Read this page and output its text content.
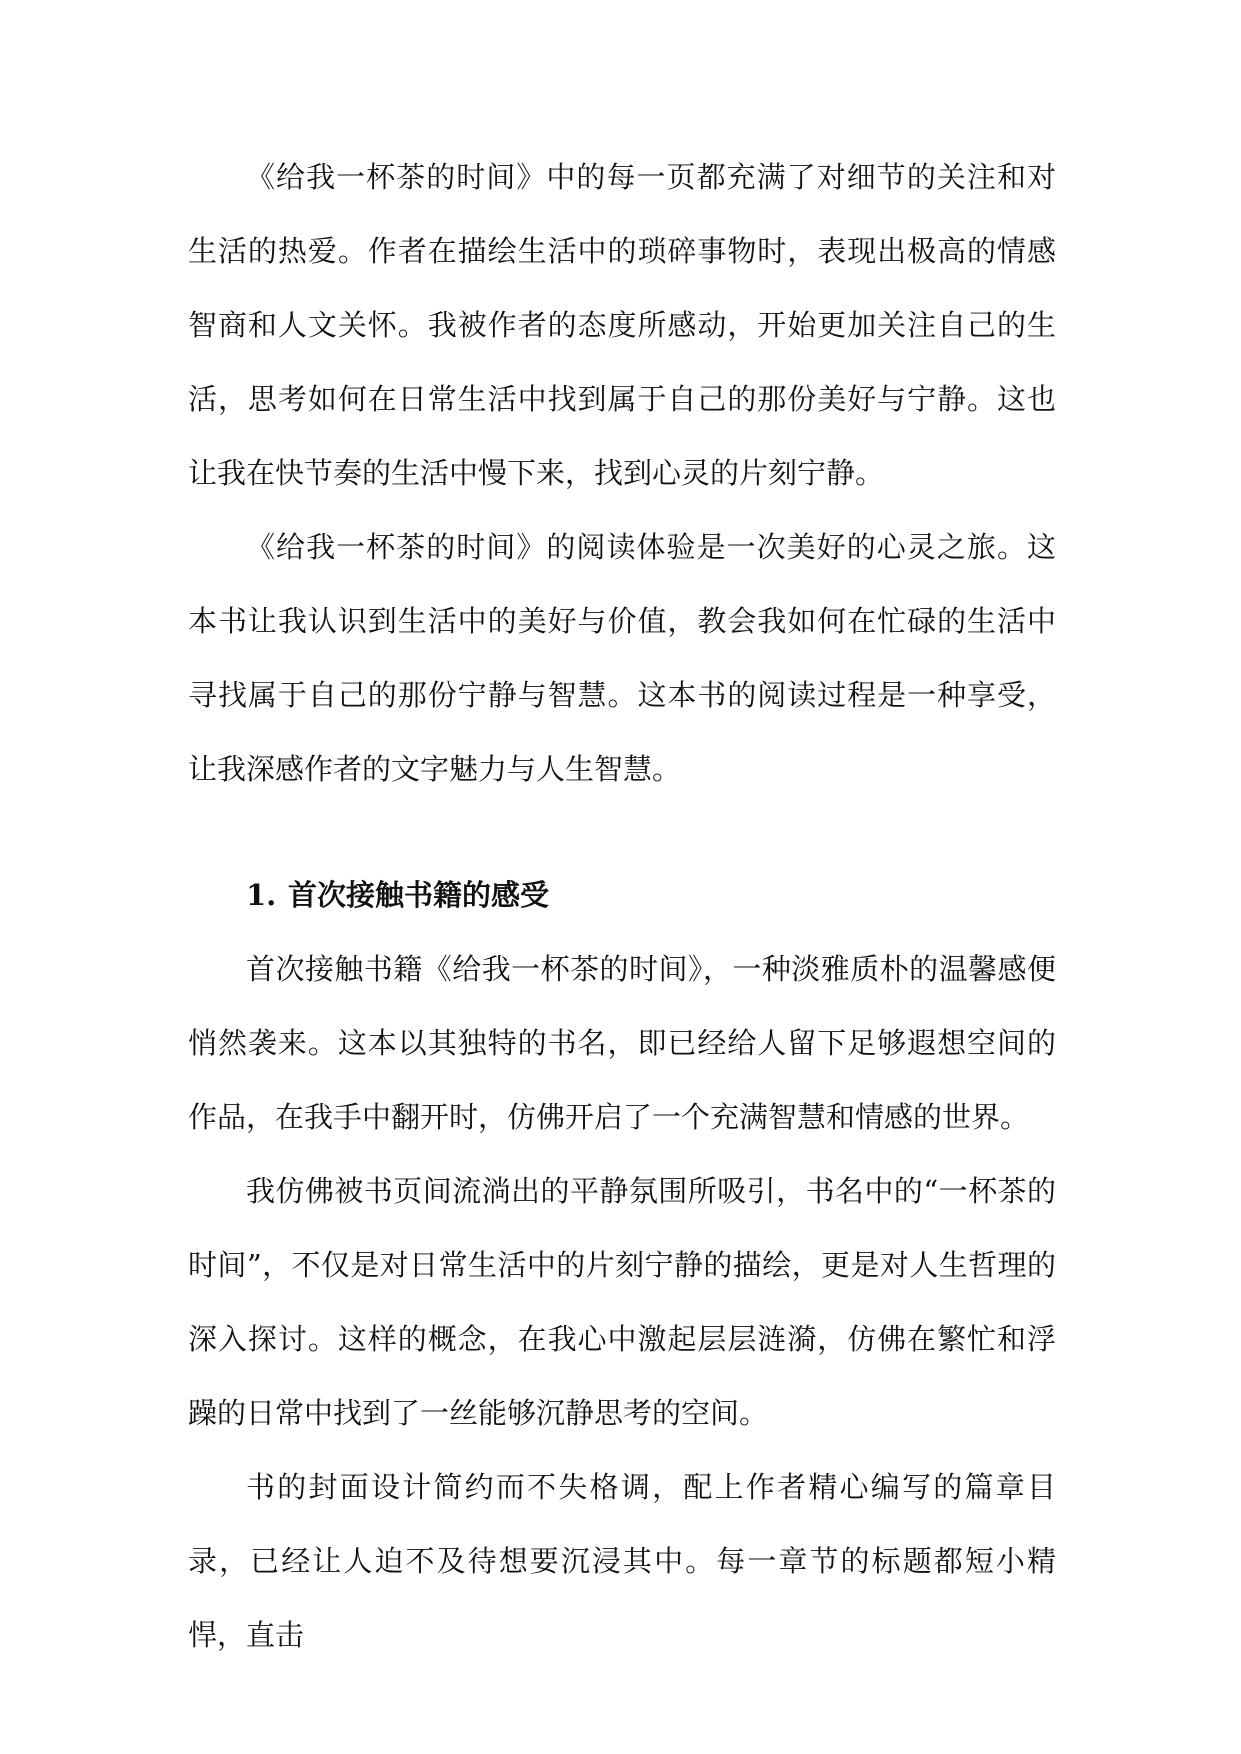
《给我一杯茶的时间》中的每一页都充满了对细节的关注和对生活的热爱。作者在描绘生活中的琐碎事物时，表现出极高的情感智商和人文关怀。我被作者的态度所感动，开始更加关注自己的生活，思考如何在日常生活中找到属于自己的那份美好与宁静。这也让我在快节奏的生活中慢下来，找到心灵的片刻宁静。

《给我一杯茶的时间》的阅读体验是一次美好的心灵之旅。这本书让我认识到生活中的美好与价值，教会我如何在忙碌的生活中寻找属于自己的那份宁静与智慧。这本书的阅读过程是一种享受，让我深感作者的文字魅力与人生智慧。

1. 首次接触书籍的感受

首次接触书籍《给我一杯茶的时间》，一种淡雅质朴的温馨感便悄然袭来。这本以其独特的书名，即已经给人留下足够遐想空间的作品，在我手中翻开时，仿佛开启了一个充满智慧和情感的世界。

我仿佛被书页间流淌出的平静氛围所吸引，书名中的“一杯茶的时间”，不仅是对日常生活中的片刻宁静的描绘，更是对人生哲理的深入探讨。这样的概念，在我心中激起层层涟漪，仿佛在繁忙和浮躁的日常中找到了一丝能够沉静思考的空间。

书的封面设计简约而不失格调，配上作者精心编写的篇章目录，已经让人迫不及待想要沉浸其中。每一章节的标题都短小精悍，直击
